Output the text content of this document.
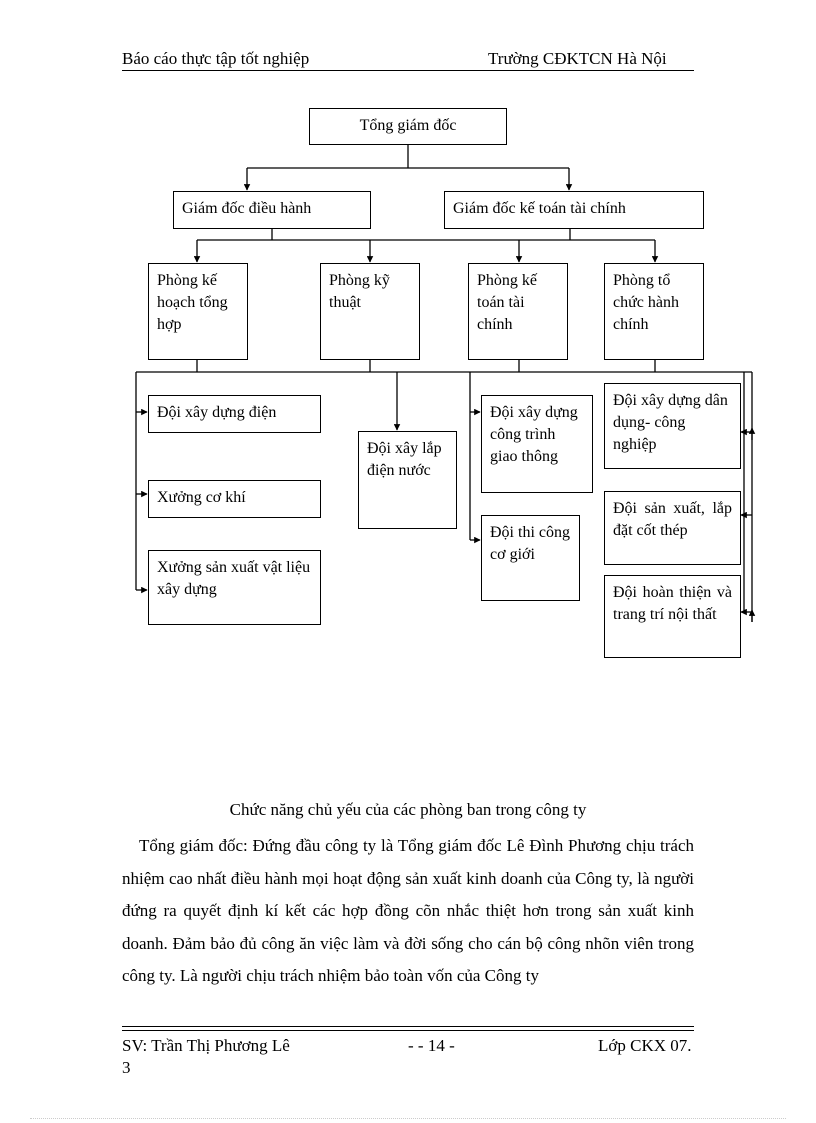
Báo cáo thực tập tốt nghiệp	Trường CĐKTCN Hà Nội
Tổng giám đốc
Giám đốc điều hành	Giám đốc kế toán tài chính
Phòng kế hoạch tổng hợp
Phòng kỹ thuật
Phòng kế toán tài chính
Phòng tổ chức hành chính
Đội xây dựng điện
Xưởng cơ khí
Xưởng sản xuất vật liệu xây dựng
Đội xây lắp điện nước
Đội xây dựng công trình giao thông
Đội thi công cơ giới
Đội xây dựng dân dụng- công nghiệp
Đội sản xuất, lắp đặt cốt thép
Đội hoàn thiện và trang trí nội thất
Chức năng chủ yếu của các phòng ban trong công ty

Tổng giám đốc: Đứng đầu công ty là Tổng giám đốc Lê Đình Phương chịu trách nhiệm cao nhất điều hành mọi hoạt động sản xuất kinh doanh của Công ty, là người đứng ra quyết định kí kết các hợp đồng cõn nhắc thiệt hơn trong sản xuất kinh doanh. Đảm bảo đủ công ăn việc làm và đời sống cho cán bộ công nhõn viên trong công ty. Là người chịu trách nhiệm bảo toàn vốn của Công ty

SV: Trần Thị Phương Lê	- - 14 -	Lớp CKX 07.
3
